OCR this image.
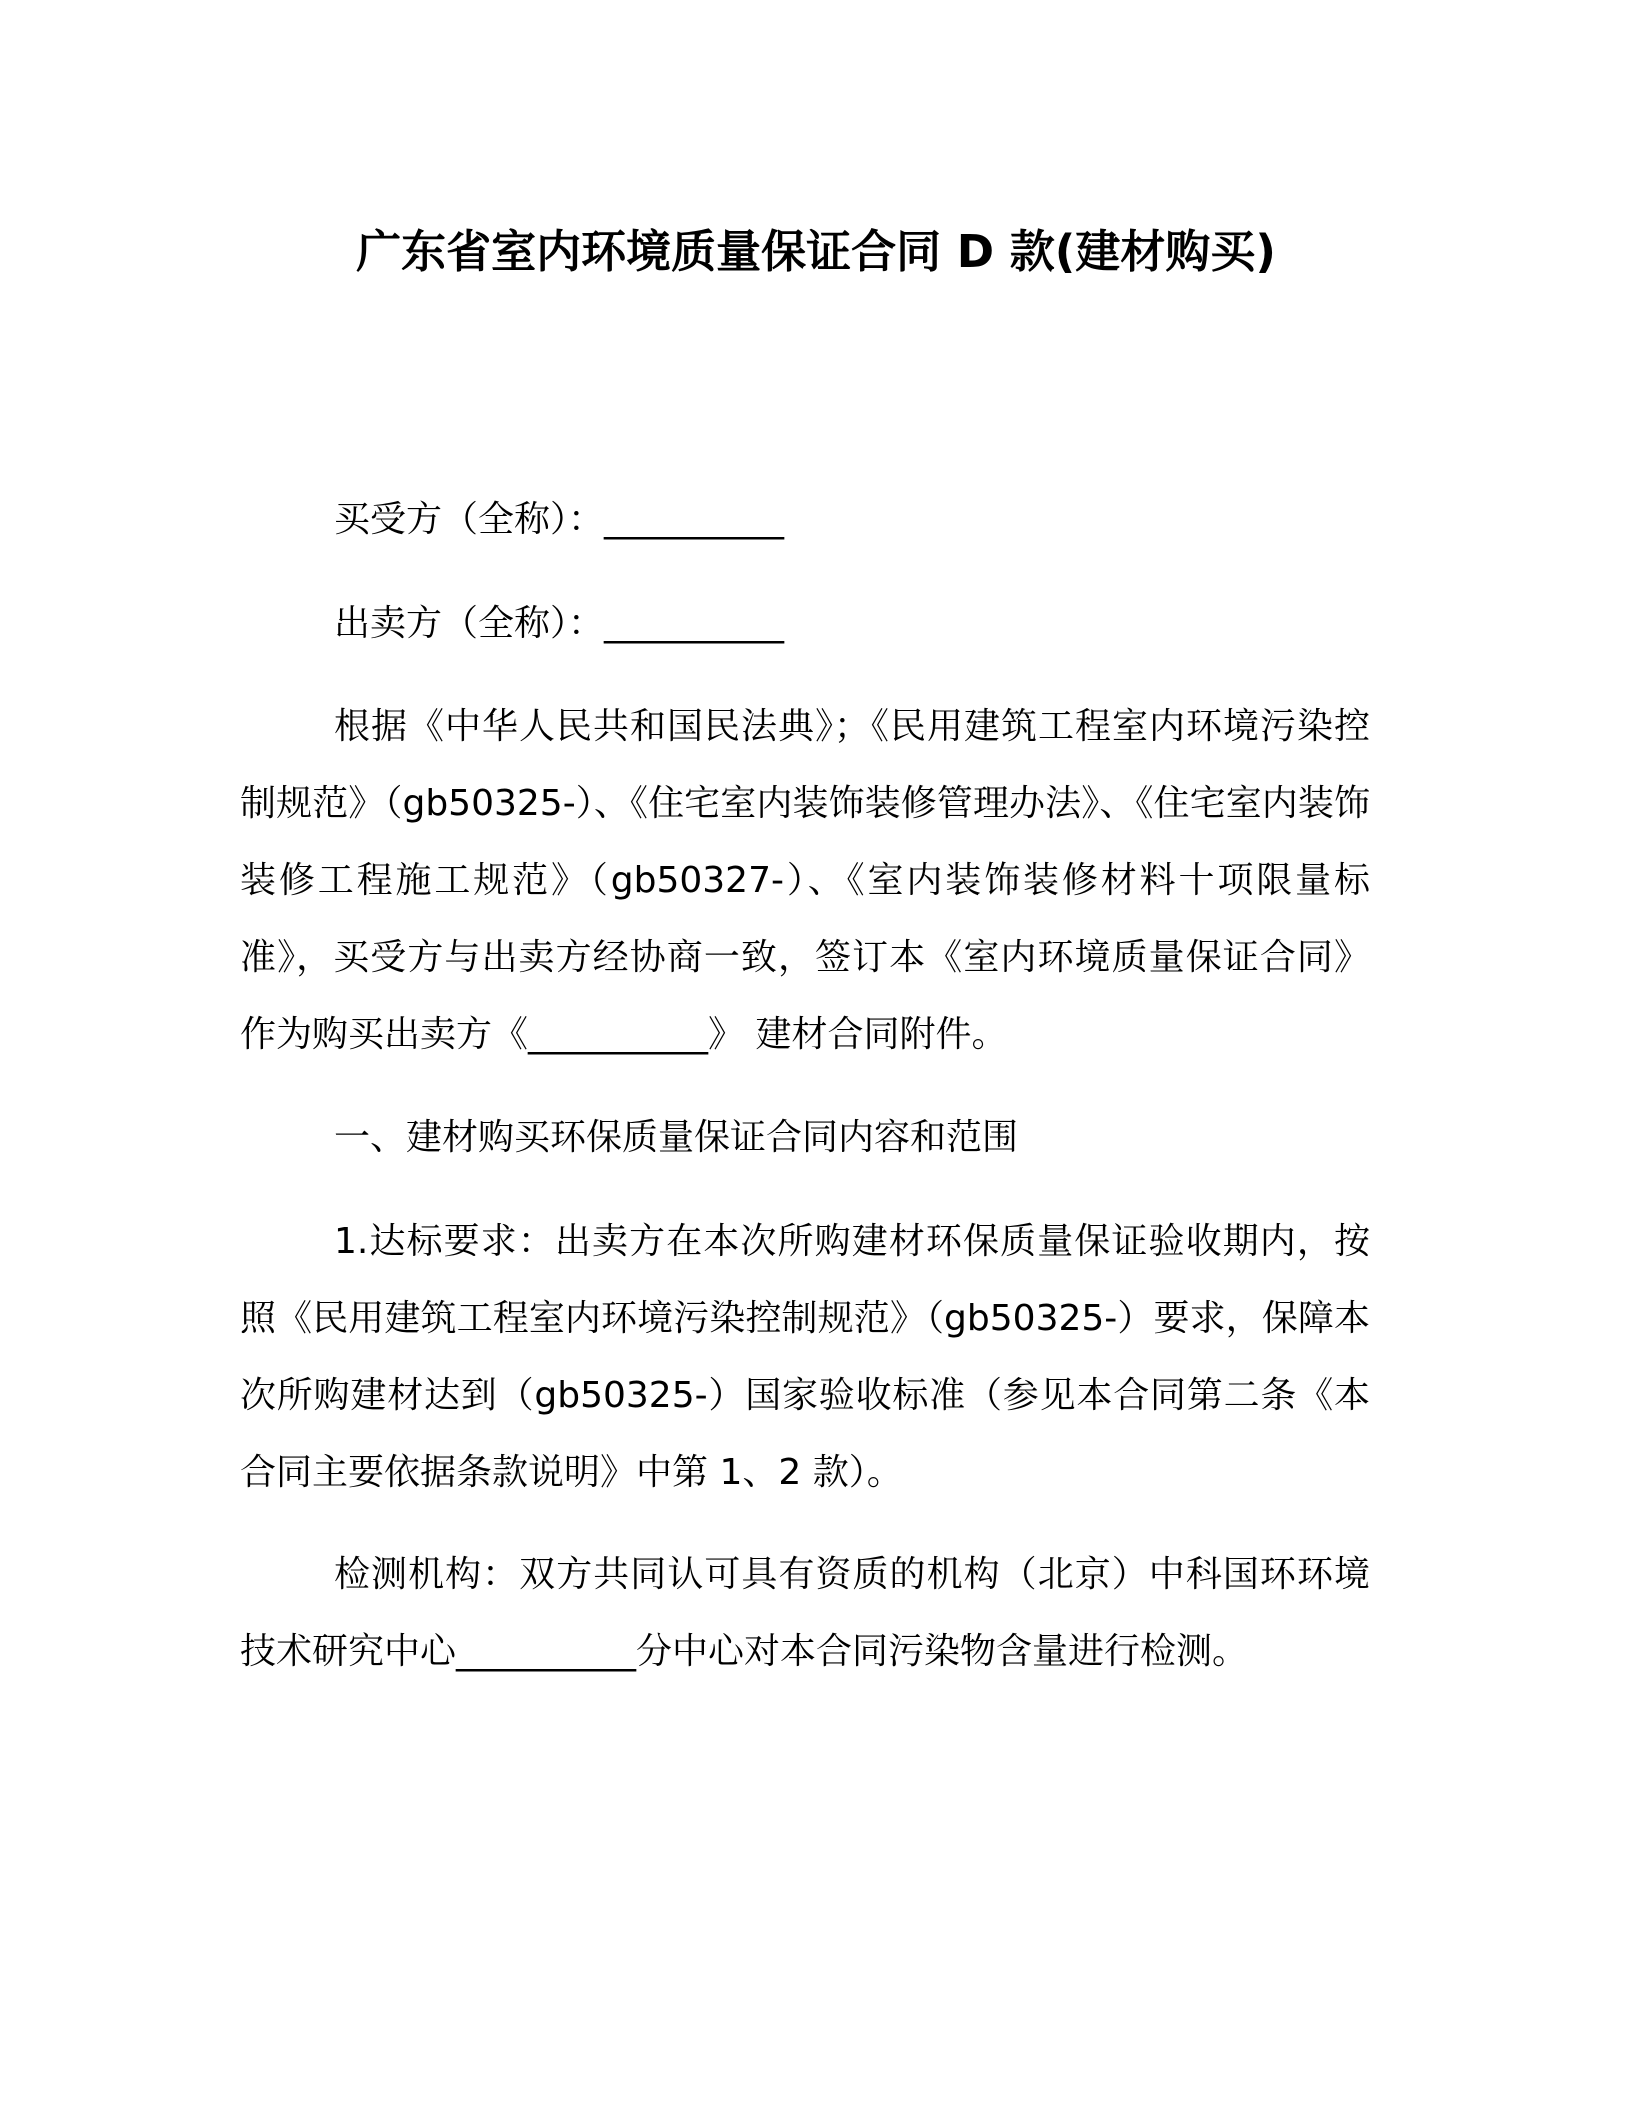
广东省室内环境质量保证合同 D 款(建材购买)
买受方（全称）：__________
出卖方（全称）：__________

根据《中华人民共和国民法典》；《民用建筑工程室内环境污染控制规范》（gb50325-）、《住宅室内装饰装修管理办法》、《住宅室内装饰装修工程施工规范》（gb50327-）、《室内装饰装修材料十项限量标准》，买受方与出卖方经协商一致，签订本《室内环境质量保证合同》作为购买出卖方《__________》 建材合同附件。

一、建材购买环保质量保证合同内容和范围

1.达标要求：出卖方在本次所购建材环保质量保证验收期内，按照《民用建筑工程室内环境污染控制规范》（gb50325-）要求，保障本次所购建材达到（gb50325-）国家验收标准（参见本合同第二条《本合同主要依据条款说明》中第 1、2 款）。

检测机构：双方共同认可具有资质的机构（北京）中科国环环境技术研究中心__________分中心对本合同污染物含量进行检测。
